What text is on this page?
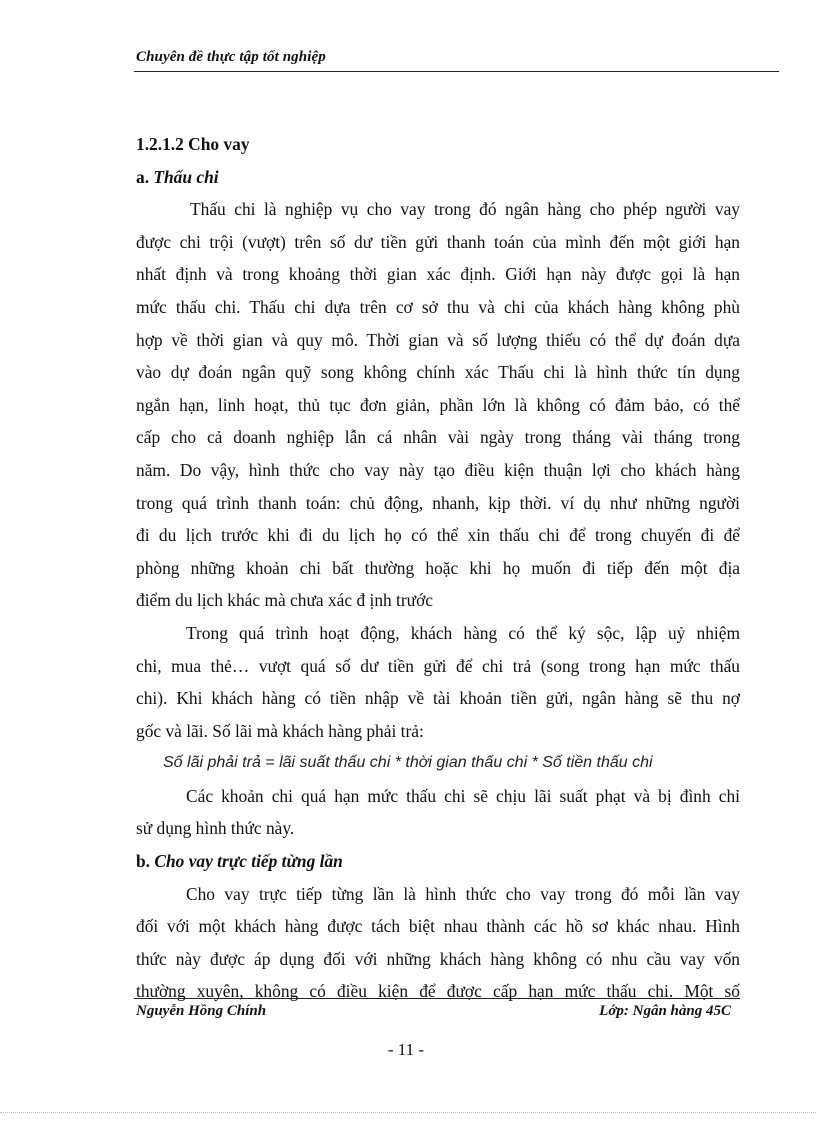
Chuyên đề thực tập tốt nghiệp
1.2.1.2 Cho vay
a. Thấu chi

Thấu chi là nghiệp vụ cho vay trong đó ngân hàng cho phép người vay
được chi trội (vượt) trên số dư tiền gửi thanh toán của mình đến một giới hạn
nhất định và trong khoảng thời gian xác định. Giới hạn này được gọi là hạn
mức thấu chi. Thấu chi dựa trên cơ sở thu và chi của khách hàng không phù
hợp về thời gian và quy mô. Thời gian và số lượng thiếu có thể dự đoán dựa
vào dự đoán ngân quỹ song không chính xác Thấu chi là hình thức tín dụng
ngắn hạn, linh hoạt, thủ tục đơn giản, phần lớn là không có đảm bảo, có thể
cấp cho cả doanh nghiệp lẫn cá nhân vài ngày trong tháng vài tháng trong
năm. Do vậy, hình thức cho vay này tạo điều kiện thuận lợi cho khách hàng
trong quá trình thanh toán: chủ động, nhanh, kịp thời. ví dụ như những người
đi du lịch trước khi đi du lịch họ có thể xin thấu chi để trong chuyến đi để
phòng những khoản chi bất thường hoặc khi họ muốn đi tiếp đến một địa
điểm du lịch khác mà chưa xác đ ịnh trước

Trong quá trình hoạt động, khách hàng có thể ký sộc, lập uỷ nhiệm
chi, mua thẻ… vượt quá số dư tiền gửi để chi trả (song trong hạn mức thấu
chi). Khi khách hàng có tiền nhập về tài khoản tiền gửi, ngân hàng sẽ thu nợ
gốc và lãi. Số lãi mà khách hàng phải trả:

Số lãi phải trả = lãi suất thấu chi * thời gian thấu chi * Số tiền thấu chi

Các khoản chi quá hạn mức thấu chi sẽ chịu lãi suất phạt và bị đình chỉ
sử dụng hình thức này.

b. Cho vay trực tiếp từng lần

Cho vay trực tiếp từng lần là hình thức cho vay trong đó mỗi lần vay
đối với một khách hàng được tách biệt nhau thành các hồ sơ khác nhau. Hình
thức này được áp dụng đối với những khách hàng không có nhu cầu vay vốn
thường xuyên, không có điều kiện để được cấp hạn mức thấu chi. Một số

Nguyễn Hồng Chính	Lớp: Ngân hàng 45C
- 11 -
